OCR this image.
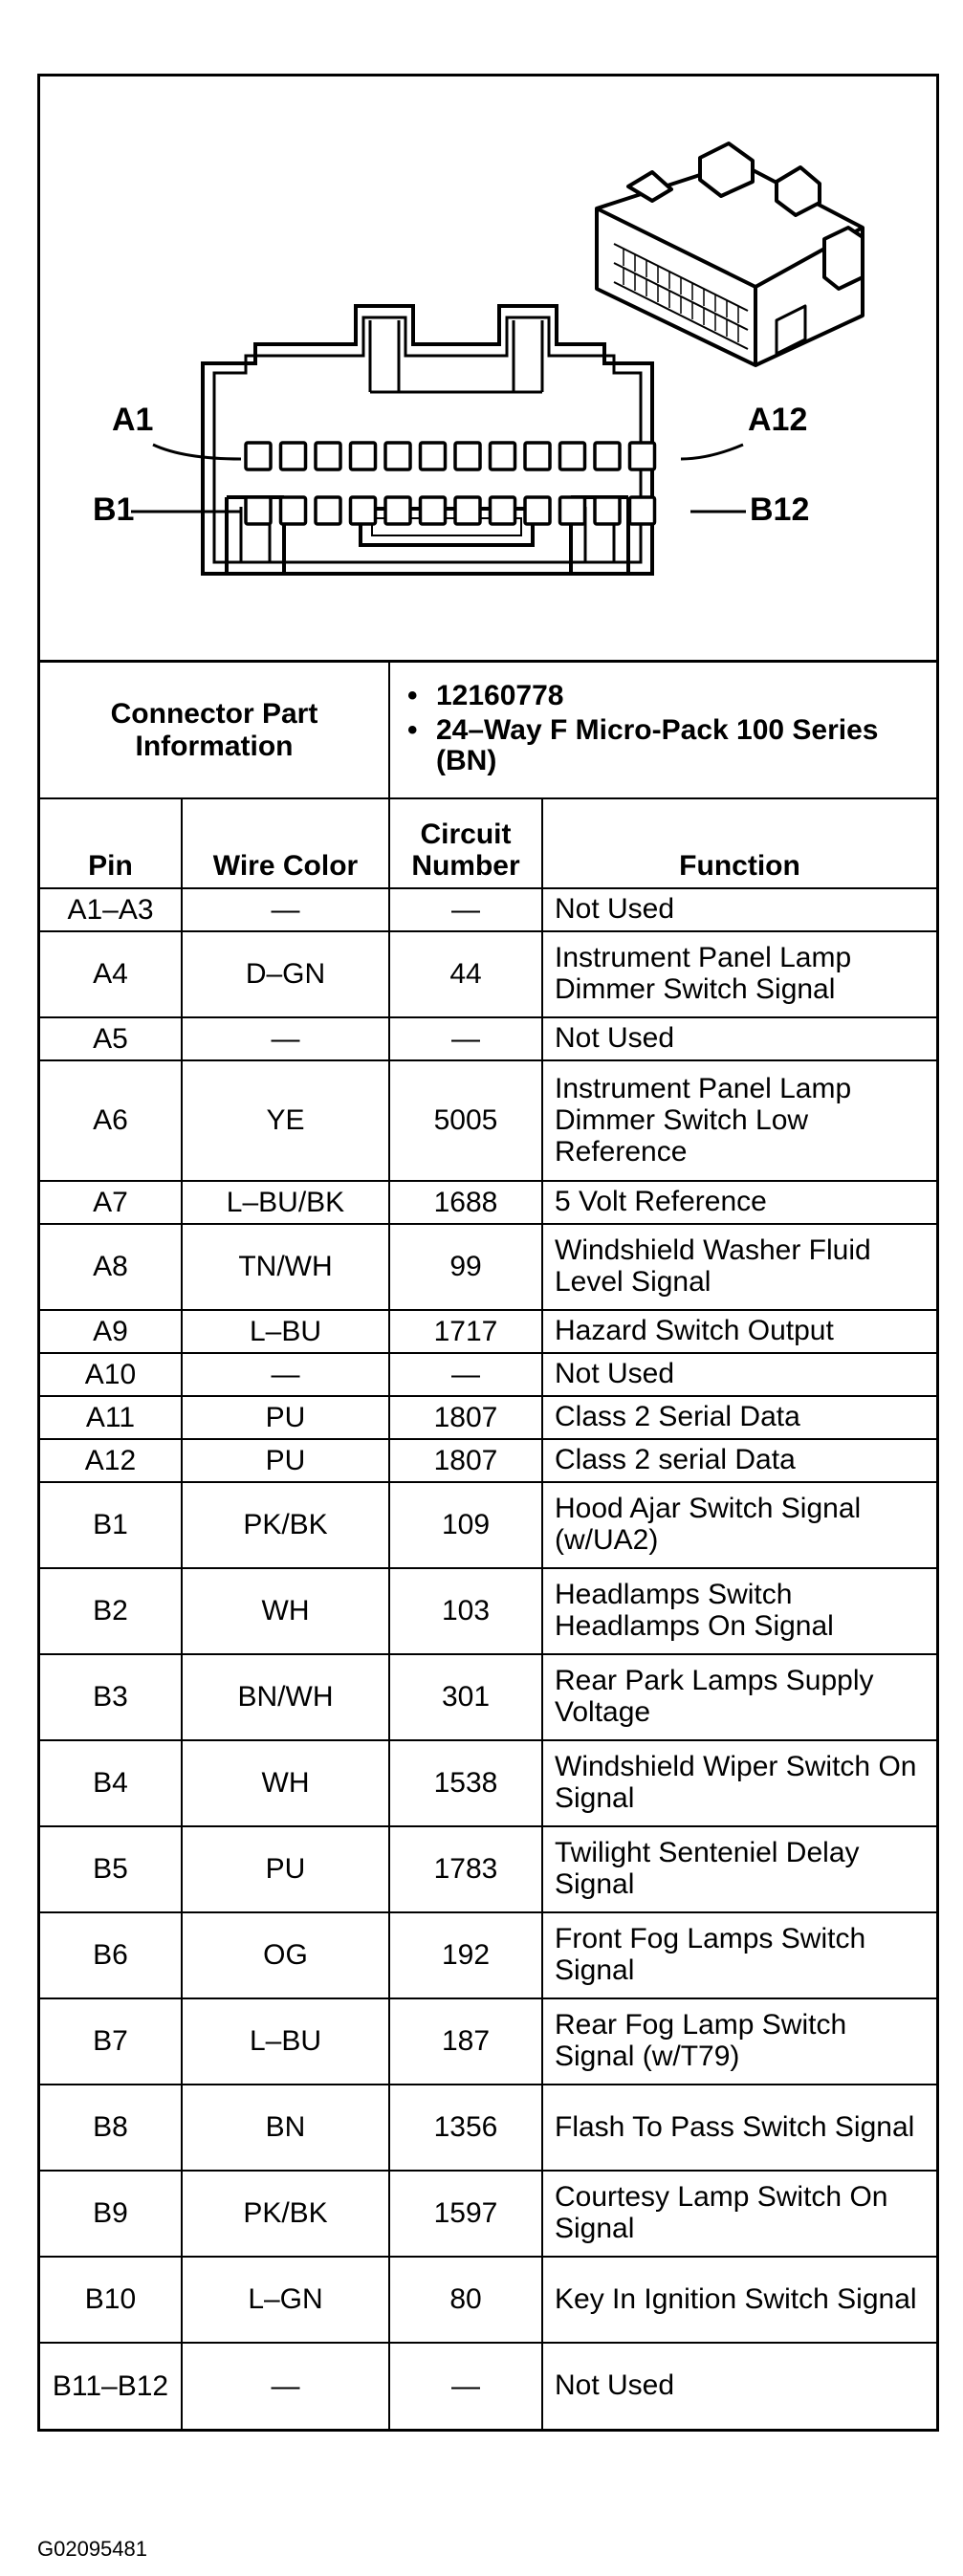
A1	A12
B1	B12
Connector Part Information	
• 12160778
• 24–Way F Micro-Pack 100 Series (BN)
Pin	Wire Color	Circuit Number	Function
A1–A3	—	—	Not Used
A4	D–GN	44	Instrument Panel Lamp Dimmer Switch Signal
A5	—	—	Not Used
A6	YE	5005	Instrument Panel Lamp Dimmer Switch Low Reference
A7	L–BU/BK	1688	5 Volt Reference
A8	TN/WH	99	Windshield Washer Fluid Level Signal
A9	L–BU	1717	Hazard Switch Output
A10	—	—	Not Used
A11	PU	1807	Class 2 Serial Data
A12	PU	1807	Class 2 serial Data
B1	PK/BK	109	Hood Ajar Switch Signal (w/UA2)
B2	WH	103	Headlamps Switch Headlamps On Signal
B3	BN/WH	301	Rear Park Lamps Supply Voltage
B4	WH	1538	Windshield Wiper Switch On Signal
B5	PU	1783	Twilight Senteniel Delay Signal
B6	OG	192	Front Fog Lamps Switch Signal
B7	L–BU	187	Rear Fog Lamp Switch Signal (w/T79)
B8	BN	1356	Flash To Pass Switch Signal
B9	PK/BK	1597	Courtesy Lamp Switch On Signal
B10	L–GN	80	Key In Ignition Switch Signal
B11–B12	—	—	Not Used
G02095481
